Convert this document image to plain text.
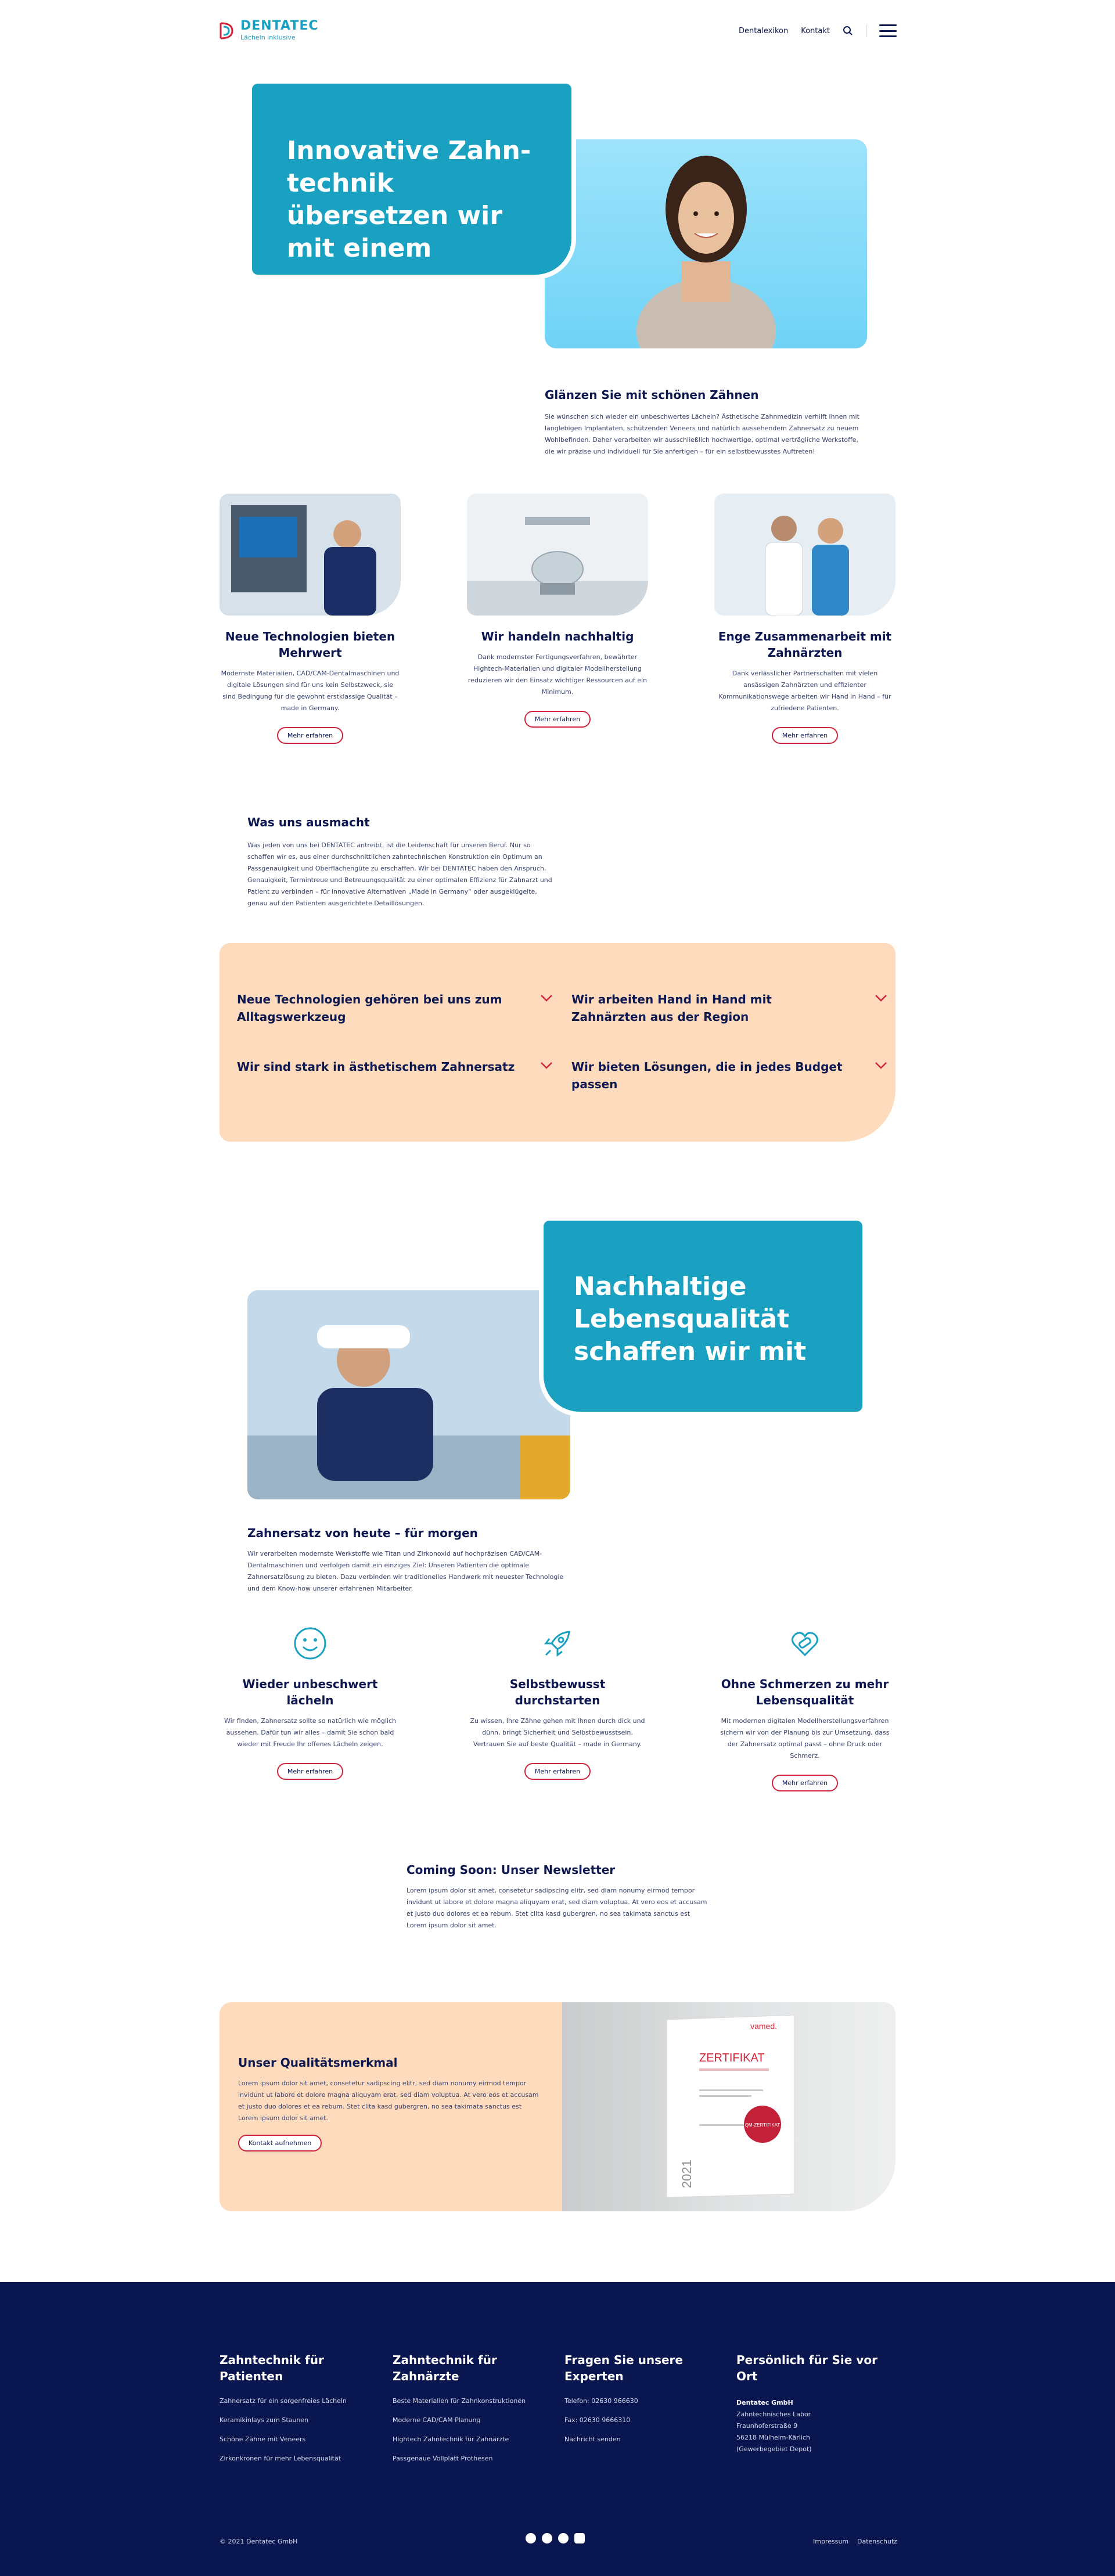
DENTATEC
Lächeln inklusive
Dentalexikon Kontakt
Innovative Zahntechnik übersetzen wir mit einem
Glänzen Sie mit schönen Zähnen

Sie wünschen sich wieder ein unbeschwertes Lächeln? Ästhetische Zahnmedizin verhilft Ihnen mit langlebigen Implantaten, schützenden Veneers und natürlich aussehendem Zahnersatz zu neuem Wohlbefinden. Daher verarbeiten wir ausschließlich hochwertige, optimal verträgliche Werkstoffe, die wir präzise und individuell für Sie anfertigen – für ein selbstbewusstes Auftreten!

Neue Technologien bieten Mehrwert

Modernste Materialien, CAD/CAM-Dentalmaschinen und digitale Lösungen sind für uns kein Selbstzweck, sie sind Bedingung für die gewohnt erstklassige Qualität – made in Germany.

Mehr erfahren
Wir handeln nachhaltig

Dank modernster Fertigungsverfahren, bewährter Hightech-Materialien und digitaler Modellherstellung reduzieren wir den Einsatz wichtiger Ressourcen auf ein Minimum.

Mehr erfahren
Enge Zusammenarbeit mit Zahnärzten

Dank verlässlicher Partnerschaften mit vielen ansässigen Zahnärzten und effizienter Kommunikationswege arbeiten wir Hand in Hand – für zufriedene Patienten.

Mehr erfahren
Was uns ausmacht

Was jeden von uns bei DENTATEC antreibt, ist die Leidenschaft für unseren Beruf. Nur so schaffen wir es, aus einer durchschnittlichen zahntechnischen Konstruktion ein Optimum an Passgenauigkeit und Oberflächengüte zu erschaffen. Wir bei DENTATEC haben den Anspruch, Genauigkeit, Termintreue und Betreuungsqualität zu einer optimalen Effizienz für Zahnarzt und Patient zu verbinden – für innovative Alternativen „Made in Germany“ oder ausgeklügelte, genau auf den Patienten ausgerichtete Detaillösungen.

Neue Technologien gehören bei uns zum Alltagswerkzeug
Wir arbeiten Hand in Hand mit Zahnärzten aus der Region
Wir sind stark in ästhetischem Zahnersatz	Wir bieten Lösungen, die in jedes Budget passen
Nachhaltige Lebensqualität schaffen wir mit
Zahnersatz von heute – für morgen

Wir verarbeiten modernste Werkstoffe wie Titan und Zirkonoxid auf hochpräzisen CAD/CAM-Dentalmaschinen und verfolgen damit ein einziges Ziel: Unseren Patienten die optimale Zahnersatzlösung zu bieten. Dazu verbinden wir traditionelles Handwerk mit neuester Technologie und dem Know-how unserer erfahrenen Mitarbeiter.

Wieder unbeschwert lächeln

Wir finden, Zahnersatz sollte so natürlich wie möglich aussehen. Dafür tun wir alles – damit Sie schon bald wieder mit Freude Ihr offenes Lächeln zeigen.

Mehr erfahren
Selbstbewusst durchstarten

Zu wissen, Ihre Zähne gehen mit Ihnen durch dick und dünn, bringt Sicherheit und Selbstbewusstsein. Vertrauen Sie auf beste Qualität – made in Germany.

Mehr erfahren
Ohne Schmerzen zu mehr Lebensqualität

Mit modernen digitalen Modellherstellungsverfahren sichern wir von der Planung bis zur Umsetzung, dass der Zahnersatz optimal passt – ohne Druck oder Schmerz.

Mehr erfahren
Coming Soon: Unser Newsletter

Lorem ipsum dolor sit amet, consetetur sadipscing elitr, sed diam nonumy eirmod tempor invidunt ut labore et dolore magna aliquyam erat, sed diam voluptua. At vero eos et accusam et justo duo dolores et ea rebum. Stet clita kasd gubergren, no sea takimata sanctus est Lorem ipsum dolor sit amet.

Unser Qualitätsmerkmal

Lorem ipsum dolor sit amet, consetetur sadipscing elitr, sed diam nonumy eirmod tempor invidunt ut labore et dolore magna aliquyam erat, sed diam voluptua. At vero eos et accusam et justo duo dolores et ea rebum. Stet clita kasd gubergren, no sea takimata sanctus est Lorem ipsum dolor sit amet.

Kontakt aufnehmen
vamed.
ZERTIFIKAT
QM-ZERTIFIKAT
2021
Zahntechnik für Patienten
Zahnersatz für ein sorgenfreies Lächeln
Keramikinlays zum Staunen
Schöne Zähne mit Veneers
Zirkonkronen für mehr Lebensqualität
Zahntechnik für Zahnärzte
Beste Materialien für Zahnkonstruktionen
Moderne CAD/CAM Planung
Hightech Zahntechnik für Zahnärzte
Passgenaue Vollplatt Prothesen
Fragen Sie unsere Experten
Telefon: 02630 966630
Fax: 02630 9666310
Nachricht senden
Persönlich für Sie vor Ort
Dentatec GmbH
Zahntechnisches Labor
Fraunhoferstraße 9
56218 Mülheim-Kärlich
(Gewerbegebiet Depot)
© 2021 Dentatec GmbH	Impressum Datenschutz
